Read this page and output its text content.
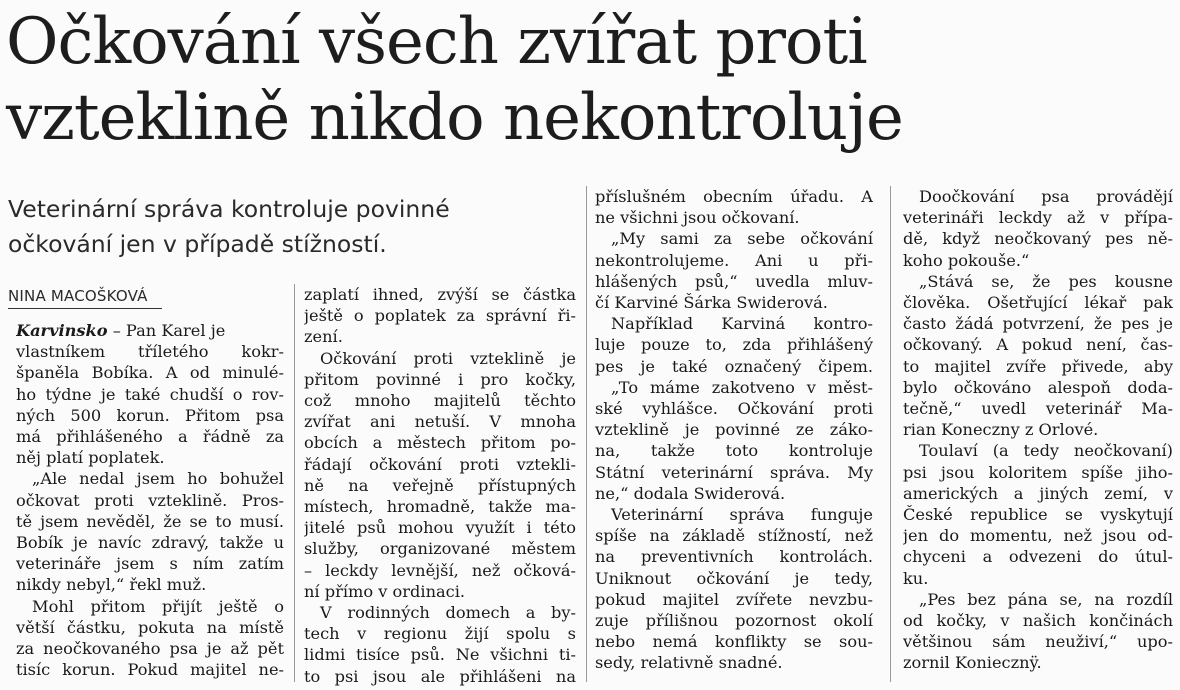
Očkování všech zvířat proti
vzteklině nikdo nekontroluje

Veterinární správa kontroluje povinné
očkování jen v případě stížností.

NINA MACOŠKOVÁ
Karvinsko – Pan Karel je
vlastníkem tříletého kokr-
španěla Bobíka. A od minulé-
ho týdne je také chudší o rov-
ných 500 korun. Přitom psa
má přihlášeného a řádně za
něj platí poplatek.
„Ale nedal jsem ho bohužel
očkovat proti vzteklině. Pros-
tě jsem nevěděl, že se to musí.
Bobík je navíc zdravý, takže u
veterináře jsem s ním zatím
nikdy nebyl,“ řekl muž.
Mohl přitom přijít ještě o
větší částku, pokuta na místě
za neočkovaného psa je až pět
tisíc korun. Pokud majitel ne-
zaplatí ihned, zvýší se částka
ještě o poplatek za správní ři-
zení.
Očkování proti vzteklině je
přitom povinné i pro kočky,
což mnoho majitelů těchto
zvířat ani netuší. V mnoha
obcích a městech přitom po-
řádají očkování proti vztekli-
ně na veřejně přístupných
místech, hromadně, takže ma-
jitelé psů mohou využít i této
služby, organizované městem
– leckdy levnější, než očková-
ní přímo v ordinaci.
V rodinných domech a by-
tech v regionu žijí spolu s
lidmi tisíce psů. Ne všichni ti-
to psi jsou ale přihlášeni na
příslušném obecním úřadu. A
ne všichni jsou očkovaní.
„My sami za sebe očkování
nekontrolujeme. Ani u při-
hlášených psů,“ uvedla mluv-
čí Karviné Šárka Swiderová.
Například Karviná kontro-
luje pouze to, zda přihlášený
pes je také označený čipem.
„To máme zakotveno v měst-
ské vyhlášce. Očkování proti
vzteklině je povinné ze záko-
na, takže toto kontroluje
Státní veterinární správa. My
ne,“ dodala Swiderová.
Veterinární správa funguje
spíše na základě stížností, než
na preventivních kontrolách.
Uniknout očkování je tedy,
pokud majitel zvířete nevzbu-
zuje přílišnou pozornost okolí
nebo nemá konflikty se sou-
sedy, relativně snadné.
Doočkování psa provádějí
veterináři leckdy až v přípa-
dě, když neočkovaný pes ně-
koho pokouše.“
„Stává se, že pes kousne
člověka. Ošetřující lékař pak
často žádá potvrzení, že pes je
očkovaný. A pokud není, čas-
to majitel zvíře přivede, aby
bylo očkováno alespoň doda-
tečně,“ uvedl veterinář Ma-
rian Koneczny z Orlové.
Toulaví (a tedy neočkovaní)
psi jsou koloritem spíše jiho-
amerických a jiných zemí, v
České republice se vyskytují
jen do momentu, než jsou od-
chyceni a odvezeni do útul-
ku.
„Pes bez pána se, na rozdíl
od kočky, v našich končinách
většinou sám neuživí,“ upo-
zornil Koniecznÿ.
